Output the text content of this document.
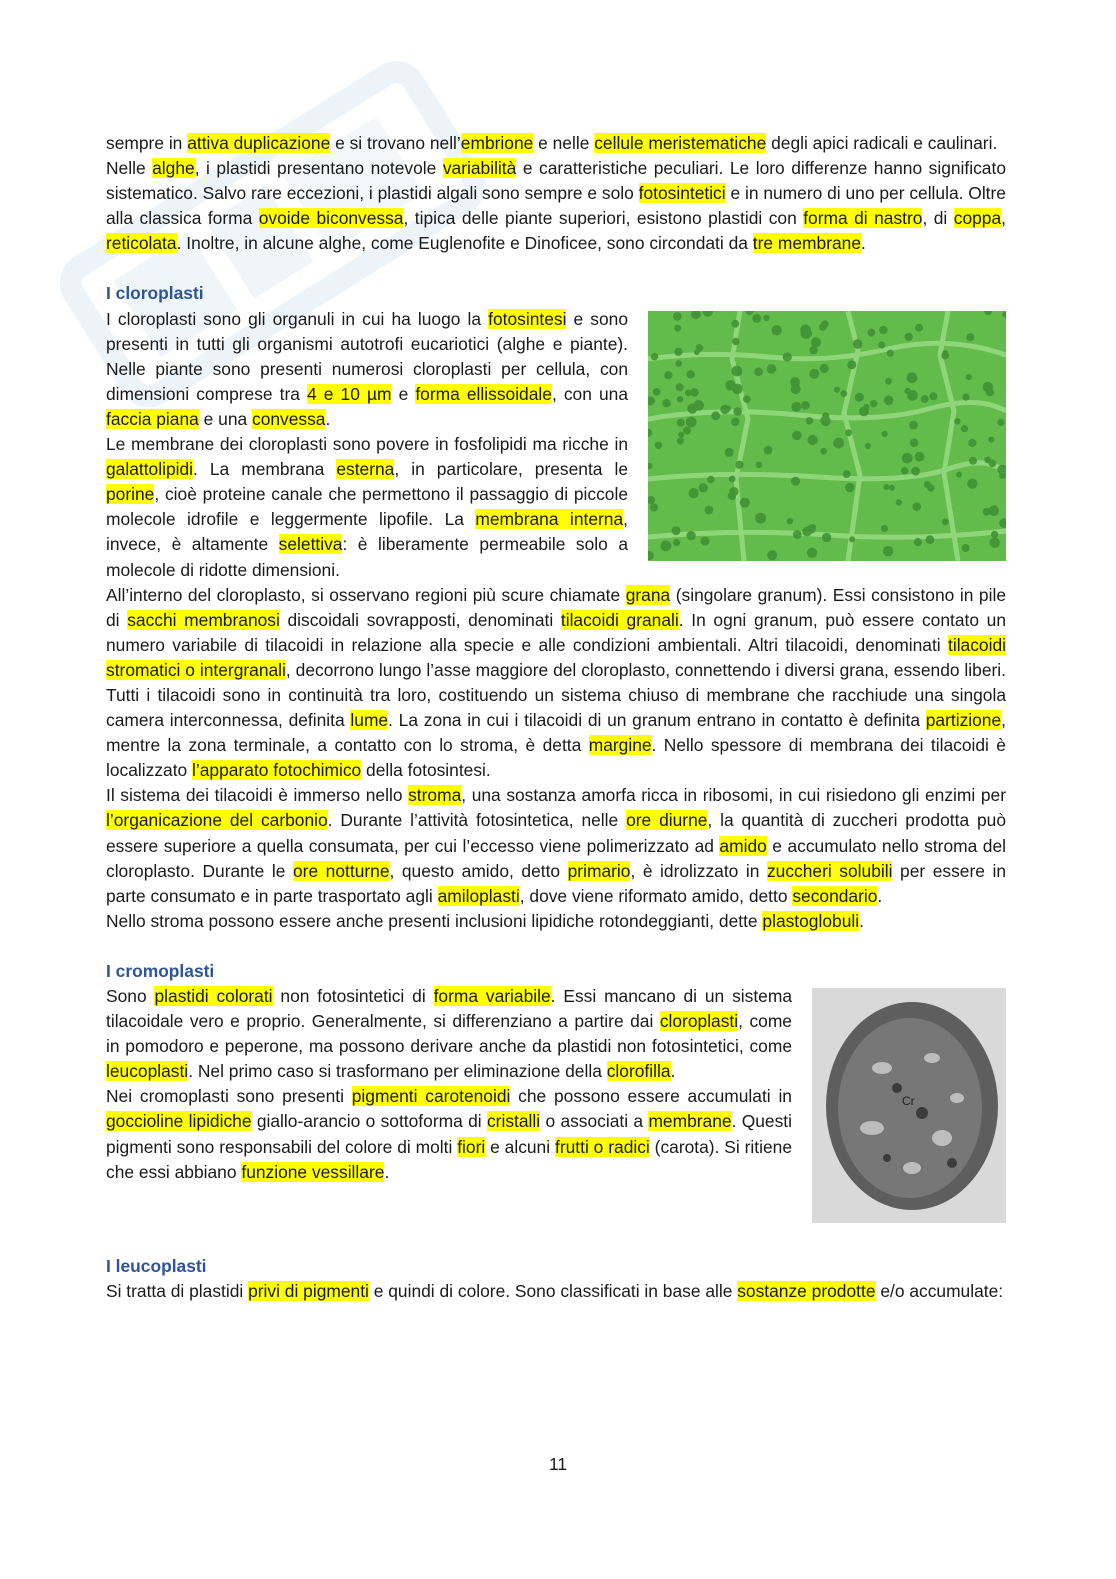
sempre in attiva duplicazione e si trovano nell’embrione e nelle cellule meristematiche degli apici radicali e caulinari.

Nelle alghe, i plastidi presentano notevole variabilità e caratteristiche peculiari. Le loro differenze hanno significato sistematico. Salvo rare eccezioni, i plastidi algali sono sempre e solo fotosintetici e in numero di uno per cellula. Oltre alla classica forma ovoide biconvessa, tipica delle piante superiori, esistono plastidi con forma di nastro, di coppa, reticolata. Inoltre, in alcune alghe, come Euglenofite e Dinoficee, sono circondati da tre membrane.

I cloroplasti

I cloroplasti sono gli organuli in cui ha luogo la fotosintesi e sono presenti in tutti gli organismi autotrofi eucariotici (alghe e piante). Nelle piante sono presenti numerosi cloroplasti per cellula, con dimensioni comprese tra 4 e 10 µm e forma ellissoidale, con una faccia piana e una convessa.

Le membrane dei cloroplasti sono povere in fosfolipidi ma ricche in galattolipidi. La membrana esterna, in particolare, presenta le porine, cioè proteine canale che permettono il passaggio di piccole molecole idrofile e leggermente lipofile. La membrana interna, invece, è altamente selettiva: è liberamente permeabile solo a molecole di ridotte dimensioni.

All’interno del cloroplasto, si osservano regioni più scure chiamate grana (singolare granum). Essi consistono in pile di sacchi membranosi discoidali sovrapposti, denominati tilacoidi granali. In ogni granum, può essere contato un numero variabile di tilacoidi in relazione alla specie e alle condizioni ambientali. Altri tilacoidi, denominati tilacoidi stromatici o intergranali, decorrono lungo l’asse maggiore del cloroplasto, connettendo i diversi grana, essendo liberi. Tutti i tilacoidi sono in continuità tra loro, costituendo un sistema chiuso di membrane che racchiude una singola camera interconnessa, definita lume. La zona in cui i tilacoidi di un granum entrano in contatto è definita partizione, mentre la zona terminale, a contatto con lo stroma, è detta margine. Nello spessore di membrana dei tilacoidi è localizzato l’apparato fotochimico della fotosintesi.

Il sistema dei tilacoidi è immerso nello stroma, una sostanza amorfa ricca in ribosomi, in cui risiedono gli enzimi per l’organicazione del carbonio. Durante l’attività fotosintetica, nelle ore diurne, la quantità di zuccheri prodotta può essere superiore a quella consumata, per cui l’eccesso viene polimerizzato ad amido e accumulato nello stroma del cloroplasto. Durante le ore notturne, questo amido, detto primario, è idrolizzato in zuccheri solubili per essere in parte consumato e in parte trasportato agli amiloplasti, dove viene riformato amido, detto secondario.

Nello stroma possono essere anche presenti inclusioni lipidiche rotondeggianti, dette plastoglobuli.

I cromoplasti
Cr

Sono plastidi colorati non fotosintetici di forma variabile. Essi mancano di un sistema tilacoidale vero e proprio. Generalmente, si differenziano a partire dai cloroplasti, come in pomodoro e peperone, ma possono derivare anche da plastidi non fotosintetici, come leucoplasti. Nel primo caso si trasformano per eliminazione della clorofilla.

Nei cromoplasti sono presenti pigmenti carotenoidi che possono essere accumulati in goccioline lipidiche giallo-arancio o sottoforma di cristalli o associati a membrane. Questi pigmenti sono responsabili del colore di molti fiori e alcuni frutti o radici (carota). Si ritiene che essi abbiano funzione vessillare.

I leucoplasti

Si tratta di plastidi privi di pigmenti e quindi di colore. Sono classificati in base alle sostanze prodotte e/o accumulate:

11
